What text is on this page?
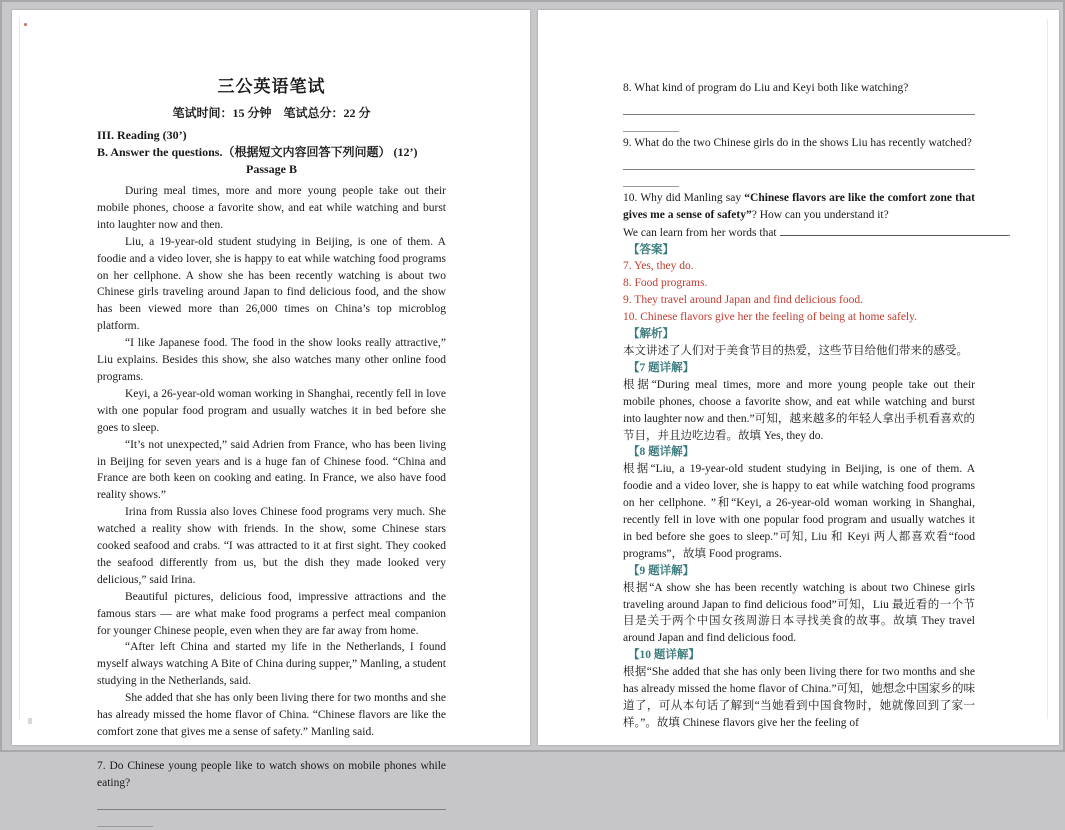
三公英语笔试
笔试时间：15 分钟　笔试总分：22 分
III. Reading (30’)
B. Answer the questions.（根据短文内容回答下列问题） (12’)
Passage B

During meal times, more and more young people take out their mobile phones, choose a favorite show, and eat while watching and burst into laughter now and then.

Liu, a 19-year-old student studying in Beijing, is one of them. A foodie and a video lover, she is happy to eat while watching food programs on her cellphone. A show she has been recently watching is about two Chinese girls traveling around Japan to find delicious food, and the show has been viewed more than 26,000 times on China’s top microblog platform.

“I like Japanese food. The food in the show looks really attractive,” Liu explains. Besides this show, she also watches many other online food programs.

Keyi, a 26-year-old woman working in Shanghai, recently fell in love with one popular food program and usually watches it in bed before she goes to sleep.

“It’s not unexpected,” said Adrien from France, who has been living in Beijing for seven years and is a huge fan of Chinese food. “China and France are both keen on cooking and eating. In France, we also have food reality shows.”

Irina from Russia also loves Chinese food programs very much. She watched a reality show with friends. In the show, some Chinese stars cooked seafood and crabs. “I was attracted to it at first sight. They cooked the seafood differently from us, but the dish they made looked very delicious,” said Irina.

Beautiful pictures, delicious food, impressive attractions and the famous stars — are what make food programs a perfect meal companion for younger Chinese people, even when they are far away from home.

“After left China and started my life in the Netherlands, I found myself always watching A Bite of China during supper,” Manling, a student studying in the Netherlands, said.

She added that she has only been living there for two months and she has already missed the home flavor of China. “Chinese flavors are like the comfort zone that gives me a sense of safety.” Manling said.

7. Do Chinese young people like to watch shows on mobile phones while eating?

8. What kind of program do Liu and Keyi both like watching?

9. What do the two Chinese girls do in the shows Liu has recently watched?

10. Why did Manling say “Chinese flavors are like the comfort zone that gives me a sense of safety”? How can you understand it?

We can learn from her words that	.

【答案】

7. Yes, they do.

8. Food programs.

9. They travel around Japan and find delicious food.

10. Chinese flavors give her the feeling of being at home safely.

【解析】

本文讲述了人们对于美食节目的热爱，这些节目给他们带来的感受。

【7 题详解】

根据“During meal times, more and more young people take out their mobile phones, choose a favorite show, and eat while watching and burst into laughter now and then.”可知，越来越多的年轻人拿出手机看喜欢的节目，并且边吃边看。故填 Yes, they do.

【8 题详解】

根据“Liu, a 19-year-old student studying in Beijing, is one of them. A foodie and a video lover, she is happy to eat while watching food programs on her cellphone. ”和“Keyi, a 26-year-old woman working in Shanghai, recently fell in love with one popular food program and usually watches it in bed before she goes to sleep.”可知, Liu 和 Keyi 两人都喜欢看“food programs”，故填 Food programs.

【9 题详解】

根据“A show she has been recently watching is about two Chinese girls traveling around Japan to find delicious food”可知，Liu 最近看的一个节目是关于两个中国女孩周游日本寻找美食的故事。故填 They travel around Japan and find delicious food.

【10 题详解】

根据“She added that she has only been living there for two months and she has already missed the home flavor of China.”可知，她想念中国家乡的味道了，可从本句话了解到“当她看到中国食物时，她就像回到了家一样。”。故填 Chinese flavors give her the feeling of
